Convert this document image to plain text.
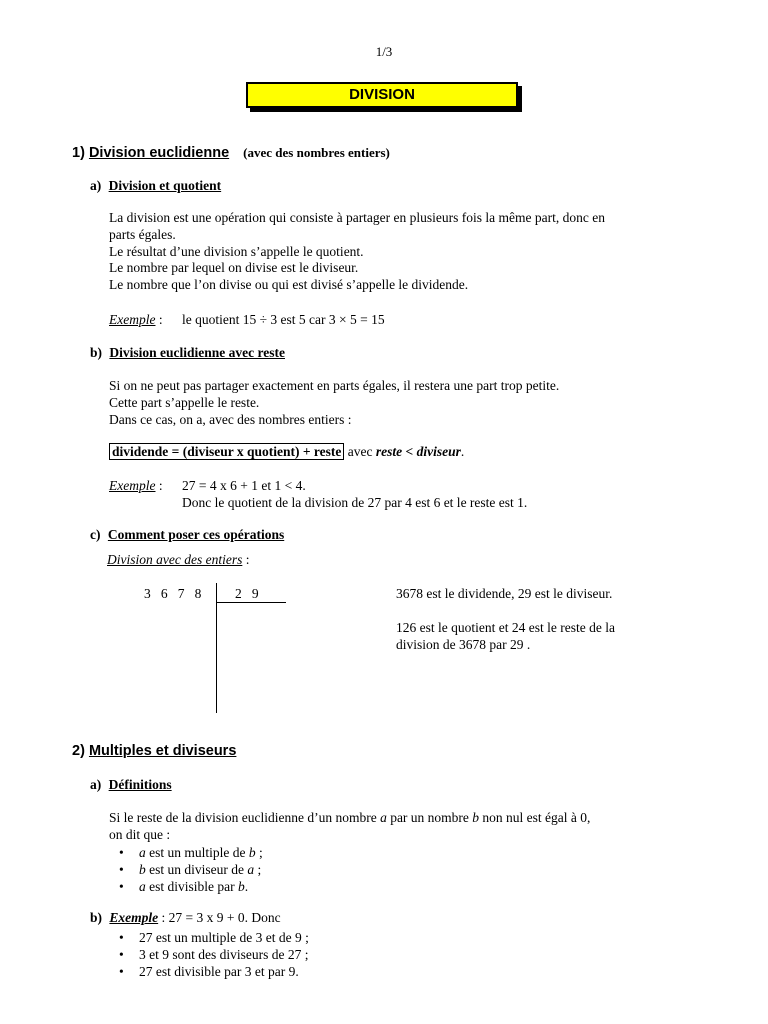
1/3
DIVISION
1) Division euclidienne (avec des nombres entiers)
a) Division et quotient
La division est une opération qui consiste à partager en plusieurs fois la même part, donc en
parts égales.
Le résultat d’une division s’appelle le quotient.
Le nombre par lequel on divise est le diviseur.
Le nombre que l’on divise ou qui est divisé s’appelle le dividende.
Exemple : le quotient 15 ÷ 3 est 5 car 3 × 5 = 15
b) Division euclidienne avec reste
Si on ne peut pas partager exactement en parts égales, il restera une part trop petite.
Cette part s’appelle le reste.
Dans ce cas, on a, avec des nombres entiers :
dividende = (diviseur x quotient) + reste avec reste < diviseur.
Exemple : 27 = 4 x 6 + 1 et 1 < 4.
Donc le quotient de la division de 27 par 4 est 6 et le reste est 1.
c) Comment poser ces opérations
Division avec des entiers :
3   6   7   8 2   9	3678 est le dividende, 29 est le diviseur.
126 est le quotient et 24 est le reste de la
division de 3678 par 29 .
2) Multiples et diviseurs
a) Définitions
Si le reste de la division euclidienne d’un nombre a par un nombre b non nul est égal à 0,
on dit que :
• a est un multiple de b ;
• b est un diviseur de a ;
• a est divisible par b.
b) Exemple : 27 = 3 x 9 + 0. Donc
• 27 est un multiple de 3 et de 9 ;
• 3 et 9 sont des diviseurs de 27 ;
• 27 est divisible par 3 et par 9.
